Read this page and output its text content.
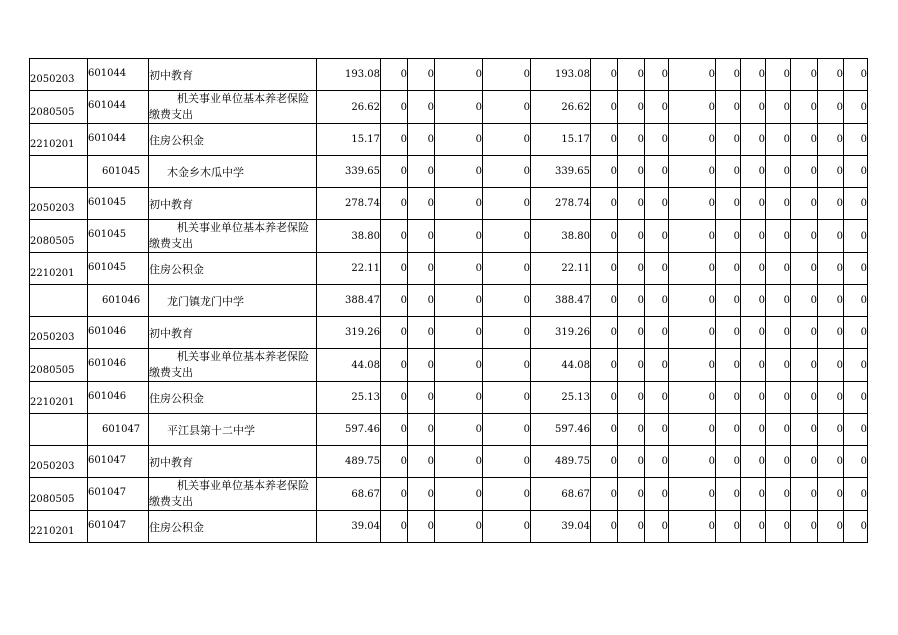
2050203	601044	初中教育	193.08	0	0	0	0	193.08	0	0	0	0	0	0	0	0	0	0

2080505	601044	机关事业单位基本养老保险
缴费支出	26.62	0	0	0	0	26.62	0	0	0	0	0	0	0	0	0	0

2210201	601044	住房公积金	15.17	0	0	0	0	15.17	0	0	0	0	0	0	0	0	0	0

	601045	木金乡木瓜中学	339.65	0	0	0	0	339.65	0	0	0	0	0	0	0	0	0	0

2050203	601045	初中教育	278.74	0	0	0	0	278.74	0	0	0	0	0	0	0	0	0	0

2080505	601045	机关事业单位基本养老保险
缴费支出	38.80	0	0	0	0	38.80	0	0	0	0	0	0	0	0	0	0

2210201	601045	住房公积金	22.11	0	0	0	0	22.11	0	0	0	0	0	0	0	0	0	0

	601046	龙门镇龙门中学	388.47	0	0	0	0	388.47	0	0	0	0	0	0	0	0	0	0

2050203	601046	初中教育	319.26	0	0	0	0	319.26	0	0	0	0	0	0	0	0	0	0

2080505	601046	机关事业单位基本养老保险
缴费支出	44.08	0	0	0	0	44.08	0	0	0	0	0	0	0	0	0	0

2210201	601046	住房公积金	25.13	0	0	0	0	25.13	0	0	0	0	0	0	0	0	0	0

	601047	平江县第十二中学	597.46	0	0	0	0	597.46	0	0	0	0	0	0	0	0	0	0

2050203	601047	初中教育	489.75	0	0	0	0	489.75	0	0	0	0	0	0	0	0	0	0

2080505	601047	机关事业单位基本养老保险
缴费支出	68.67	0	0	0	0	68.67	0	0	0	0	0	0	0	0	0	0

2210201	601047	住房公积金	39.04	0	0	0	0	39.04	0	0	0	0	0	0	0	0	0	0
